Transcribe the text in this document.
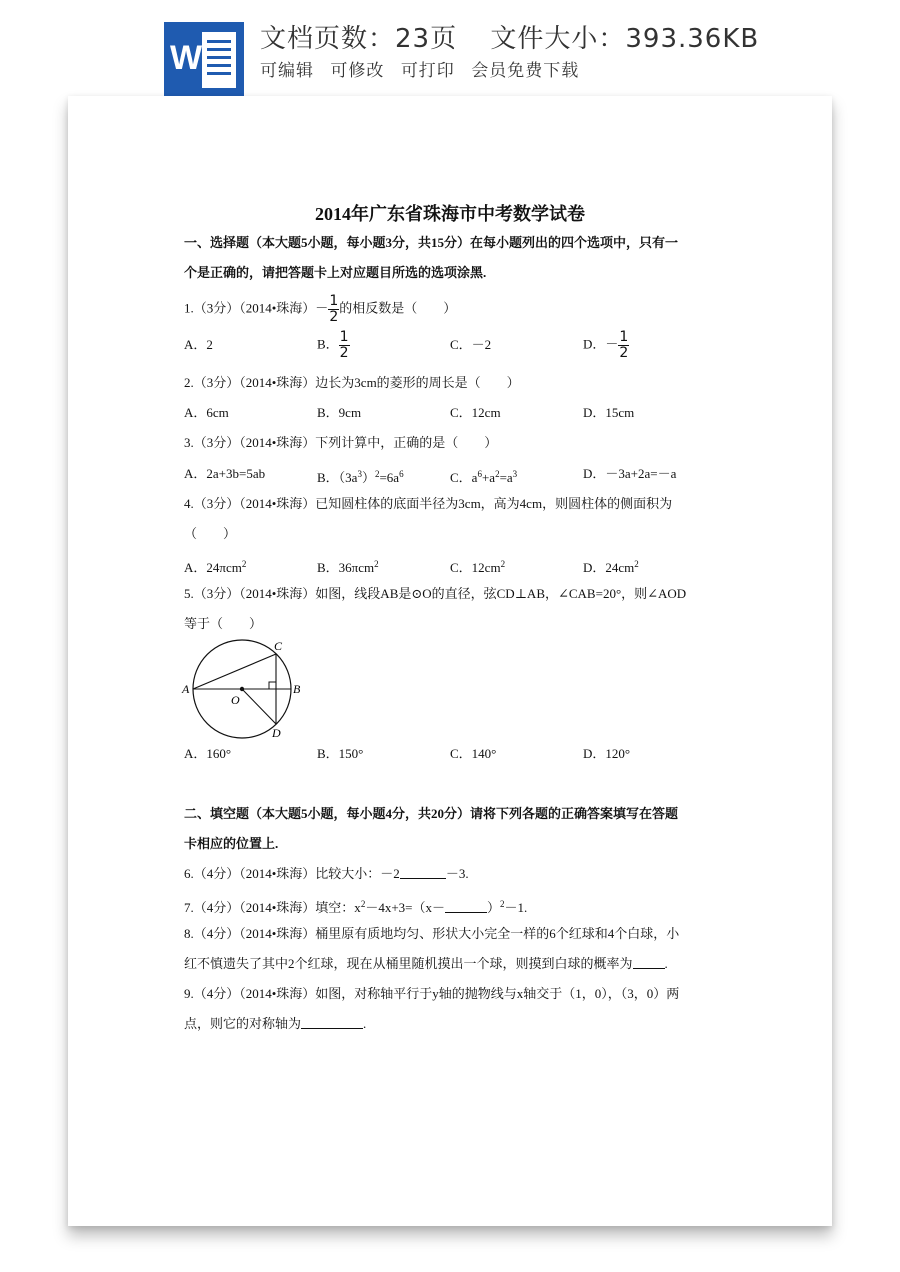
W 文档页数：23页 文件大小：393.36KB
可编辑 可修改 可打印 会员免费下载
2014年广东省珠海市中考数学试卷
一、选择题（本大题5小题，每小题3分，共15分）在每小题列出的四个选项中，只有一
个是正确的，请把答题卡上对应题目所选的选项涂黑.
1.（3分）（2014•珠海）－ $\frac{1}{2}$ 的相反数是（　　）
A．2	B． $\frac{1}{2}$	C．－2	D．－ $\frac{1}{2}$
2.（3分）（2014•珠海）边长为3cm的菱形的周长是（　　）
A．6cm	B．9cm	C．12cm	D．15cm
3.（3分）（2014•珠海）下列计算中，正确的是（　　）
A．2a+3b=5ab	B．$(3a^3)^2=6a^6$	C．$a^6+a^2=a^3$	D．－3a+2a=－a
4.（3分）（2014•珠海）已知圆柱体的底面半径为3cm，高为4cm，则圆柱体的侧面积为
（　　）
A．24πcm$^2$	B．36πcm$^2$	C．$12cm^2$	D．$24cm^2$
5.（3分）（2014•珠海）如图，线段AB是⊙O的直径，弦CD⊥AB，∠CAB=20°，则∠AOD
等于（　　）
A	B
C
D
O
A．160°	B．150°	C．140°	D．120°
二、填空题（本大题5小题，每小题4分，共20分）请将下列各题的正确答案填写在答题
卡相应的位置上.
6.（4分）（2014•珠海）比较大小：－2	－3.
7.（4分）（2014•珠海）填空：$x^2-4x+3=(x-$	）$^2$－1.
8.（4分）（2014•珠海）桶里原有质地均匀、形状大小完全一样的6个红球和4个白球，小
红不慎遗失了其中2个红球，现在从桶里随机摸出一个球，则摸到白球的概率为 .
9.（4分）（2014•珠海）如图，对称轴平行于y轴的抛物线与x轴交于（1，0），（3，0）两
点，则它的对称轴为	.
